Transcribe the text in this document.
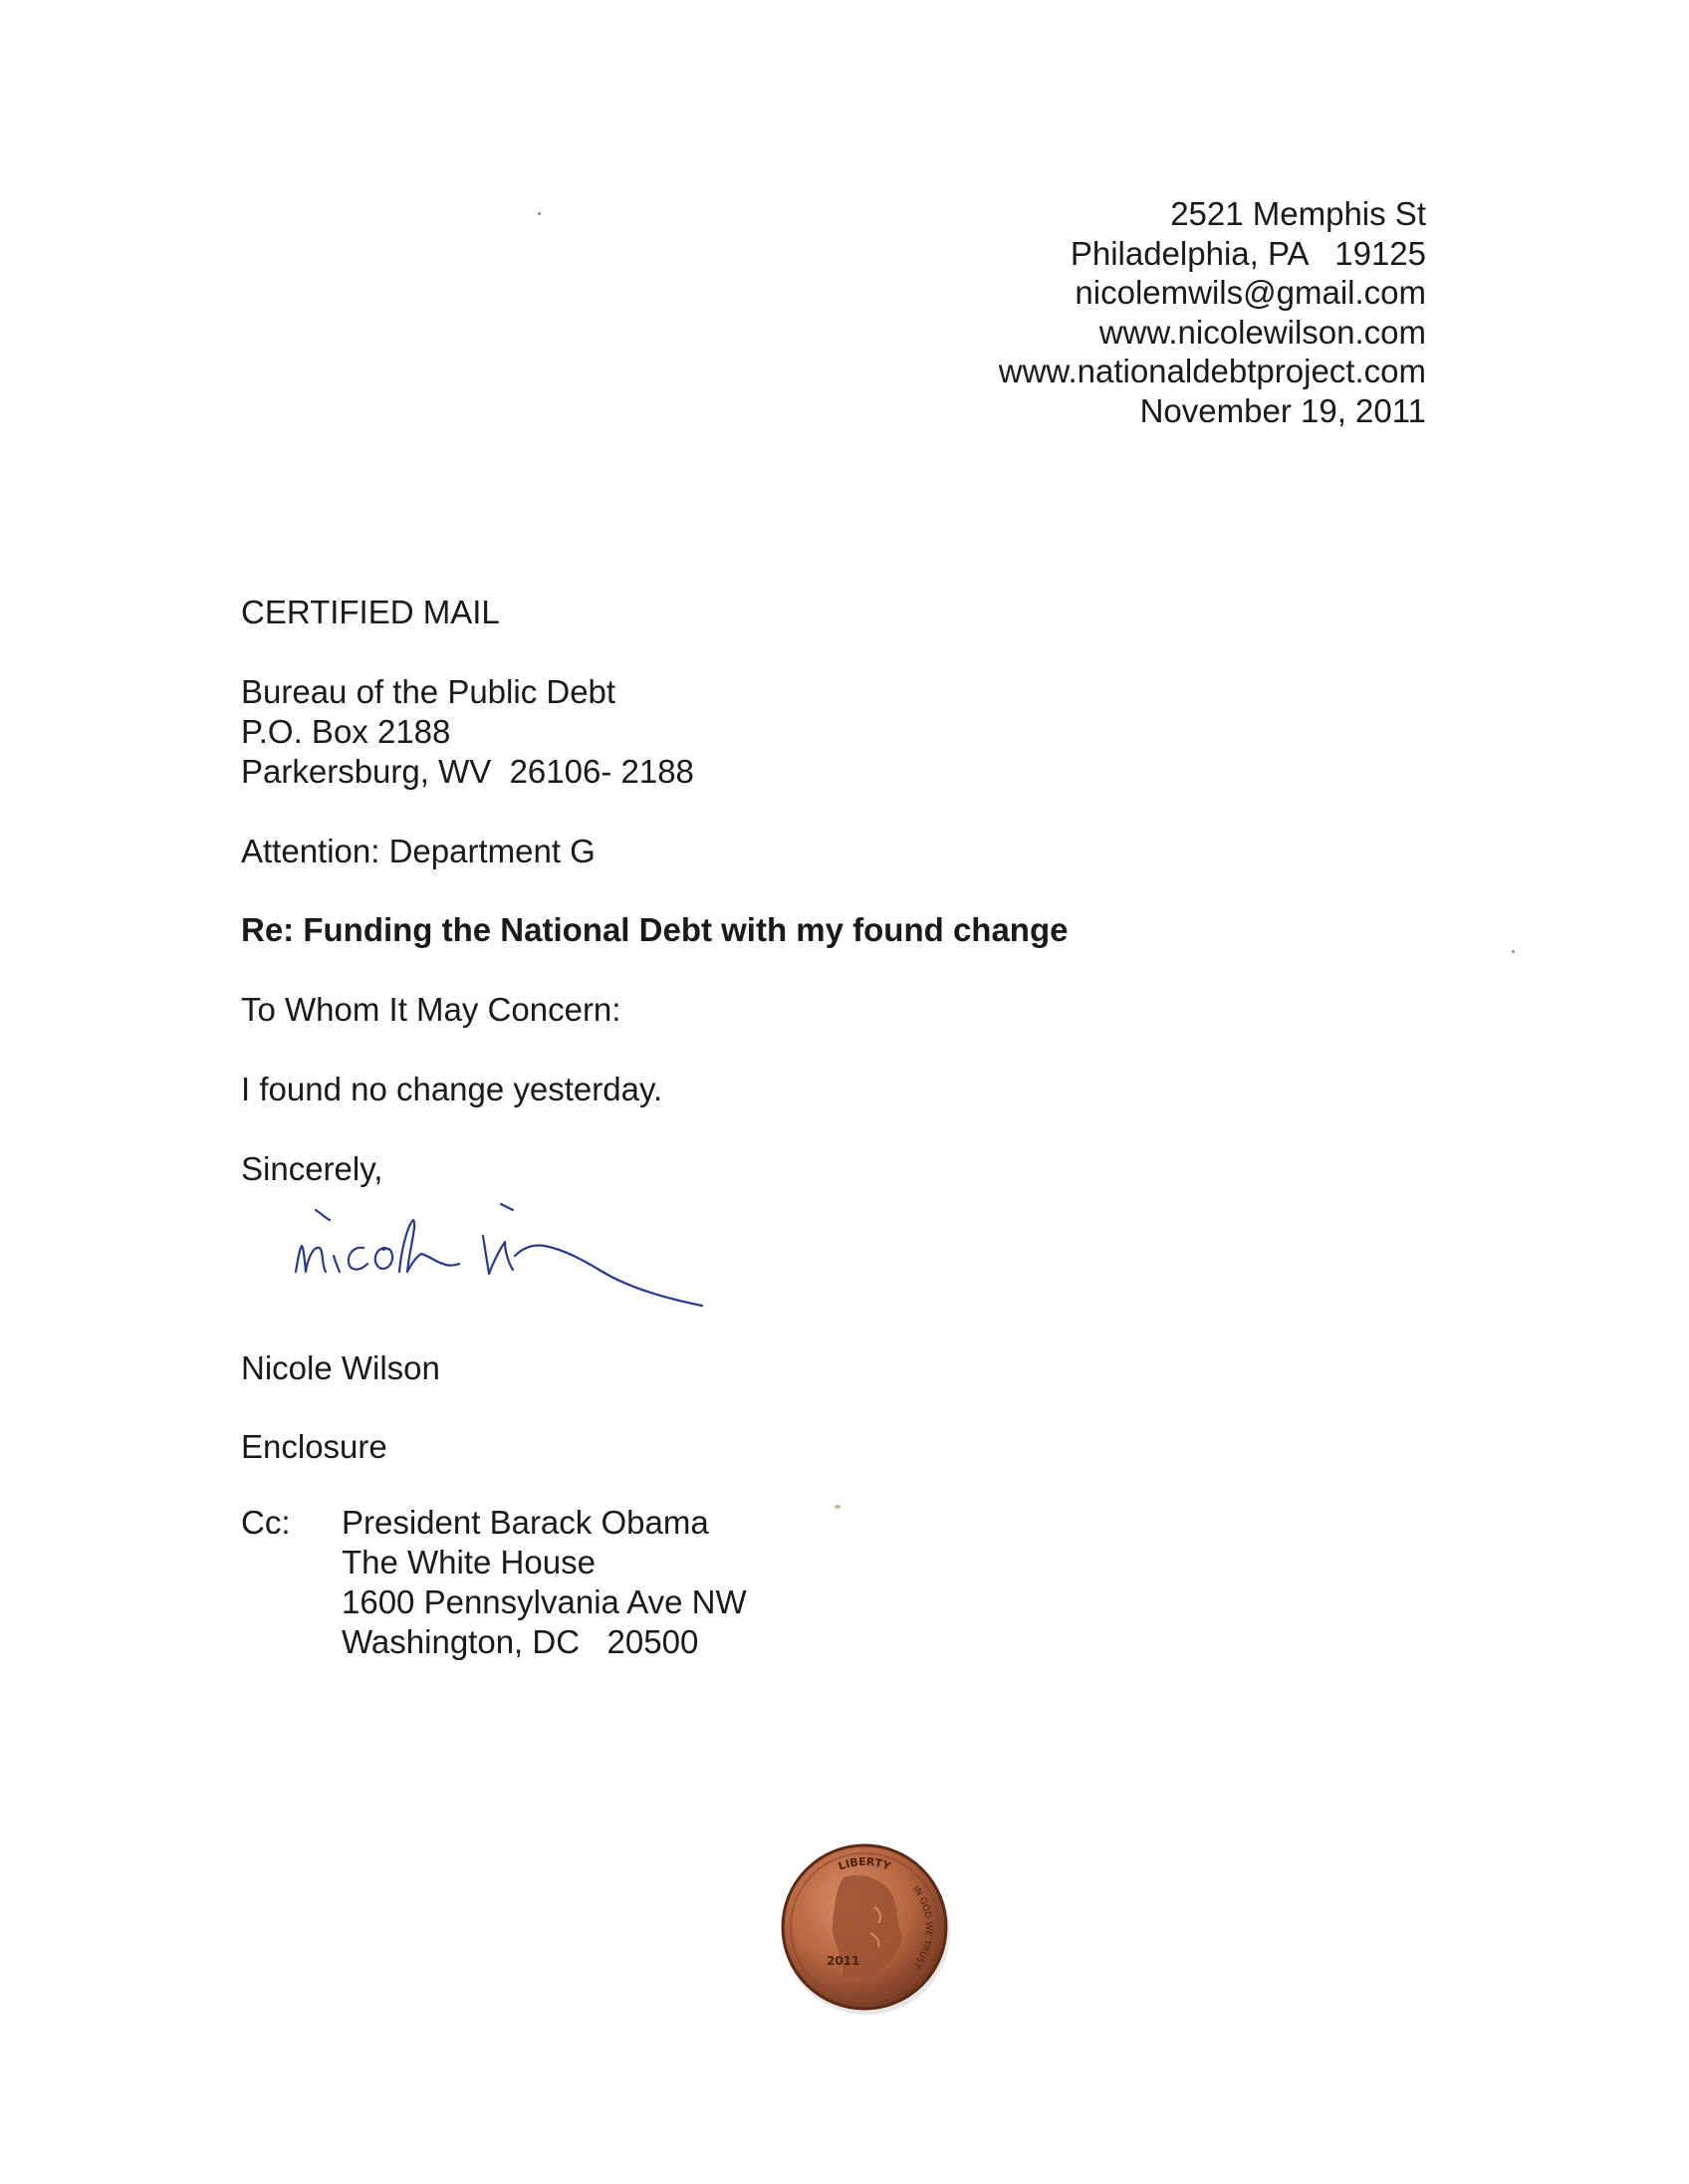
2521 Memphis St
Philadelphia, PA   19125
nicolemwils@gmail.com
www.nicolewilson.com
www.nationaldebtproject.com
November 19, 2011
CERTIFIED MAIL
Bureau of the Public Debt
P.O. Box 2188
Parkersburg, WV  26106- 2188
Attention: Department G
Re: Funding the National Debt with my found change
To Whom It May Concern:
I found no change yesterday.
Sincerely,
Nicole Wilson
Enclosure
Cc: President Barack Obama
The White House
1600 Pennsylvania Ave NW
Washington, DC   20500
LIBERTY
IN GOD WE TRUST
2011
